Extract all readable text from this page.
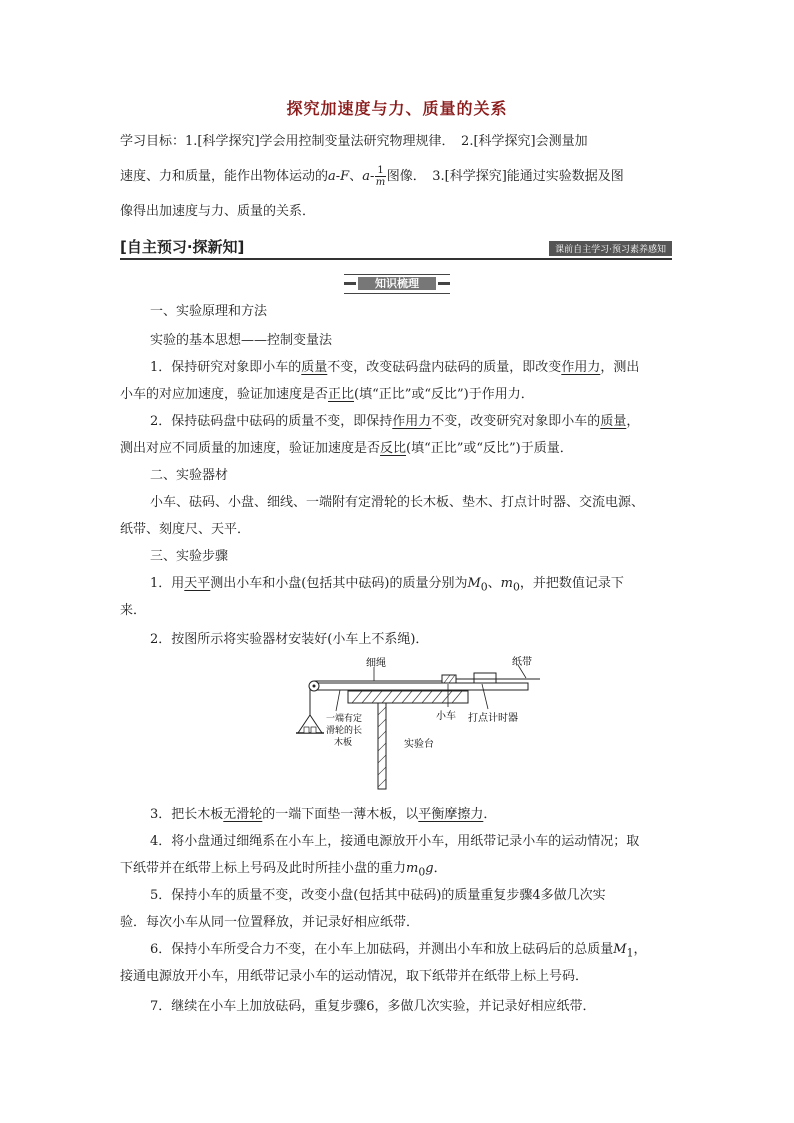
探究加速度与力、质量的关系
学习目标：1.[科学探究]学会用控制变量法研究物理规律．　2.[科学探究]会测量加
速度、力和质量，能作出物体运动的a-F、$a- \frac{1}{m}$ 图像．　3.[科学探究]能通过实验数据及图
像得出加速度与力、质量的关系．
[自主预习·探新知]	课前自主学习·预习素养感知
知识梳理
一、实验原理和方法
实验的基本思想——控制变量法
1．保持研究对象即小车的质量不变，改变砝码盘内砝码的质量，即改变作用力，测出
小车的对应加速度，验证加速度是否正比(填“正比”或“反比”)于作用力．
2．保持砝码盘中砝码的质量不变，即保持作用力不变，改变研究对象即小车的质量，
测出对应不同质量的加速度，验证加速度是否反比(填“正比”或“反比”)于质量．
二、实验器材
小车、砝码、小盘、细线、一端附有定滑轮的长木板、垫木、打点计时器、交流电源、
纸带、刻度尺、天平．
三、实验步骤
1．用天平测出小车和小盘(包括其中砝码)的质量分别为$M_0$、$m_0$，并把数值记录下
来．
2．按图所示将实验器材安装好(小车上不系绳)．
细绳	纸带
小车 打点计时器
一端有定
滑轮的长
木板	实验台
3．把长木板无滑轮的一端下面垫一薄木板，以平衡摩擦力．
4．将小盘通过细绳系在小车上，接通电源放开小车，用纸带记录小车的运动情况；取
下纸带并在纸带上标上号码及此时所挂小盘的重力$m_0g$．
5．保持小车的质量不变，改变小盘(包括其中砝码)的质量重复步骤4多做几次实
验．每次小车从同一位置释放，并记录好相应纸带．
6．保持小车所受合力不变，在小车上加砝码，并测出小车和放上砝码后的总质量$M_1$，
接通电源放开小车，用纸带记录小车的运动情况，取下纸带并在纸带上标上号码．
7．继续在小车上加放砝码，重复步骤6，多做几次实验，并记录好相应纸带．
